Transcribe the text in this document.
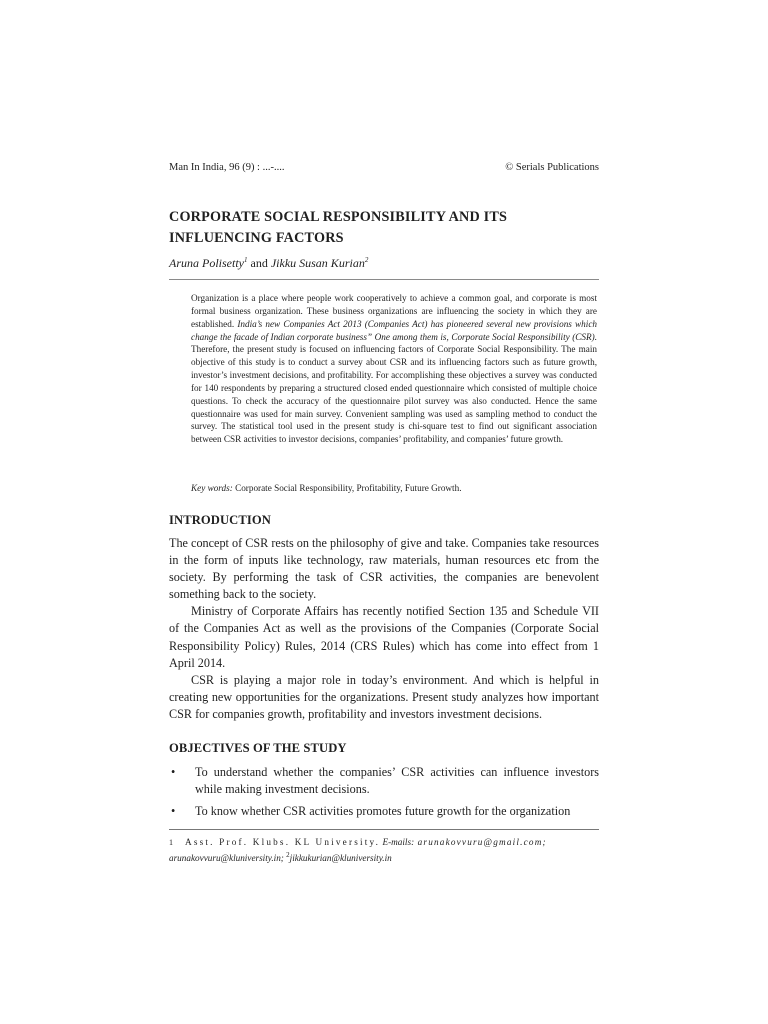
Man In India, 96 (9) : ...-....	© Serials Publications
CORPORATE SOCIAL RESPONSIBILITY AND ITS
INFLUENCING FACTORS
Aruna Polisetty$^1$ and Jikku Susan Kurian$^2$
Organization is a place where people work cooperatively to achieve a common goal, and corporate is most formal business organization. These business organizations are influencing the society in which they are established. India’s new Companies Act 2013 (Companies Act) has pioneered several new provisions which change the facade of Indian corporate business” One among them is, Corporate Social Responsibility (CSR). Therefore, the present study is focused on influencing factors of Corporate Social Responsibility. The main objective of this study is to conduct a survey about CSR and its influencing factors such as future growth, investor’s investment decisions, and profitability. For accomplishing these objectives a survey was conducted for 140 respondents by preparing a structured closed ended questionnaire which consisted of multiple choice questions. To check the accuracy of the questionnaire pilot survey was also conducted. Hence the same questionnaire was used for main survey. Convenient sampling was used as sampling method to conduct the survey. The statistical tool used in the present study is chi-square test to find out significant association between CSR activities to investor decisions, companies’ profitability, and companies’ future growth.
Key words: Corporate Social Responsibility, Profitability, Future Growth.
INTRODUCTION

The concept of CSR rests on the philosophy of give and take. Companies take resources in the form of inputs like technology, raw materials, human resources etc from the society. By performing the task of CSR activities, the companies are benevolent something back to the society.

Ministry of Corporate Affairs has recently notified Section 135 and Schedule VII of the Companies Act as well as the provisions of the Companies (Corporate Social Responsibility Policy) Rules, 2014 (CRS Rules) which has come into effect from 1 April 2014.

CSR is playing a major role in today’s environment. And which is helpful in creating new opportunities for the organizations. Present study analyzes how important CSR for companies growth, profitability and investors investment decisions.

OBJECTIVES OF THE STUDY
•	To understand whether the companies’ CSR activities can influence investors while making investment decisions.
•	To know whether CSR activities promotes future growth for the organization
1 Asst. Prof. Klubs. KL University. E-mails: arunakovvuru@gmail.com;
arunakovvuru@kluniversity.in; $^2$jikkukurian@kluniversity.in
